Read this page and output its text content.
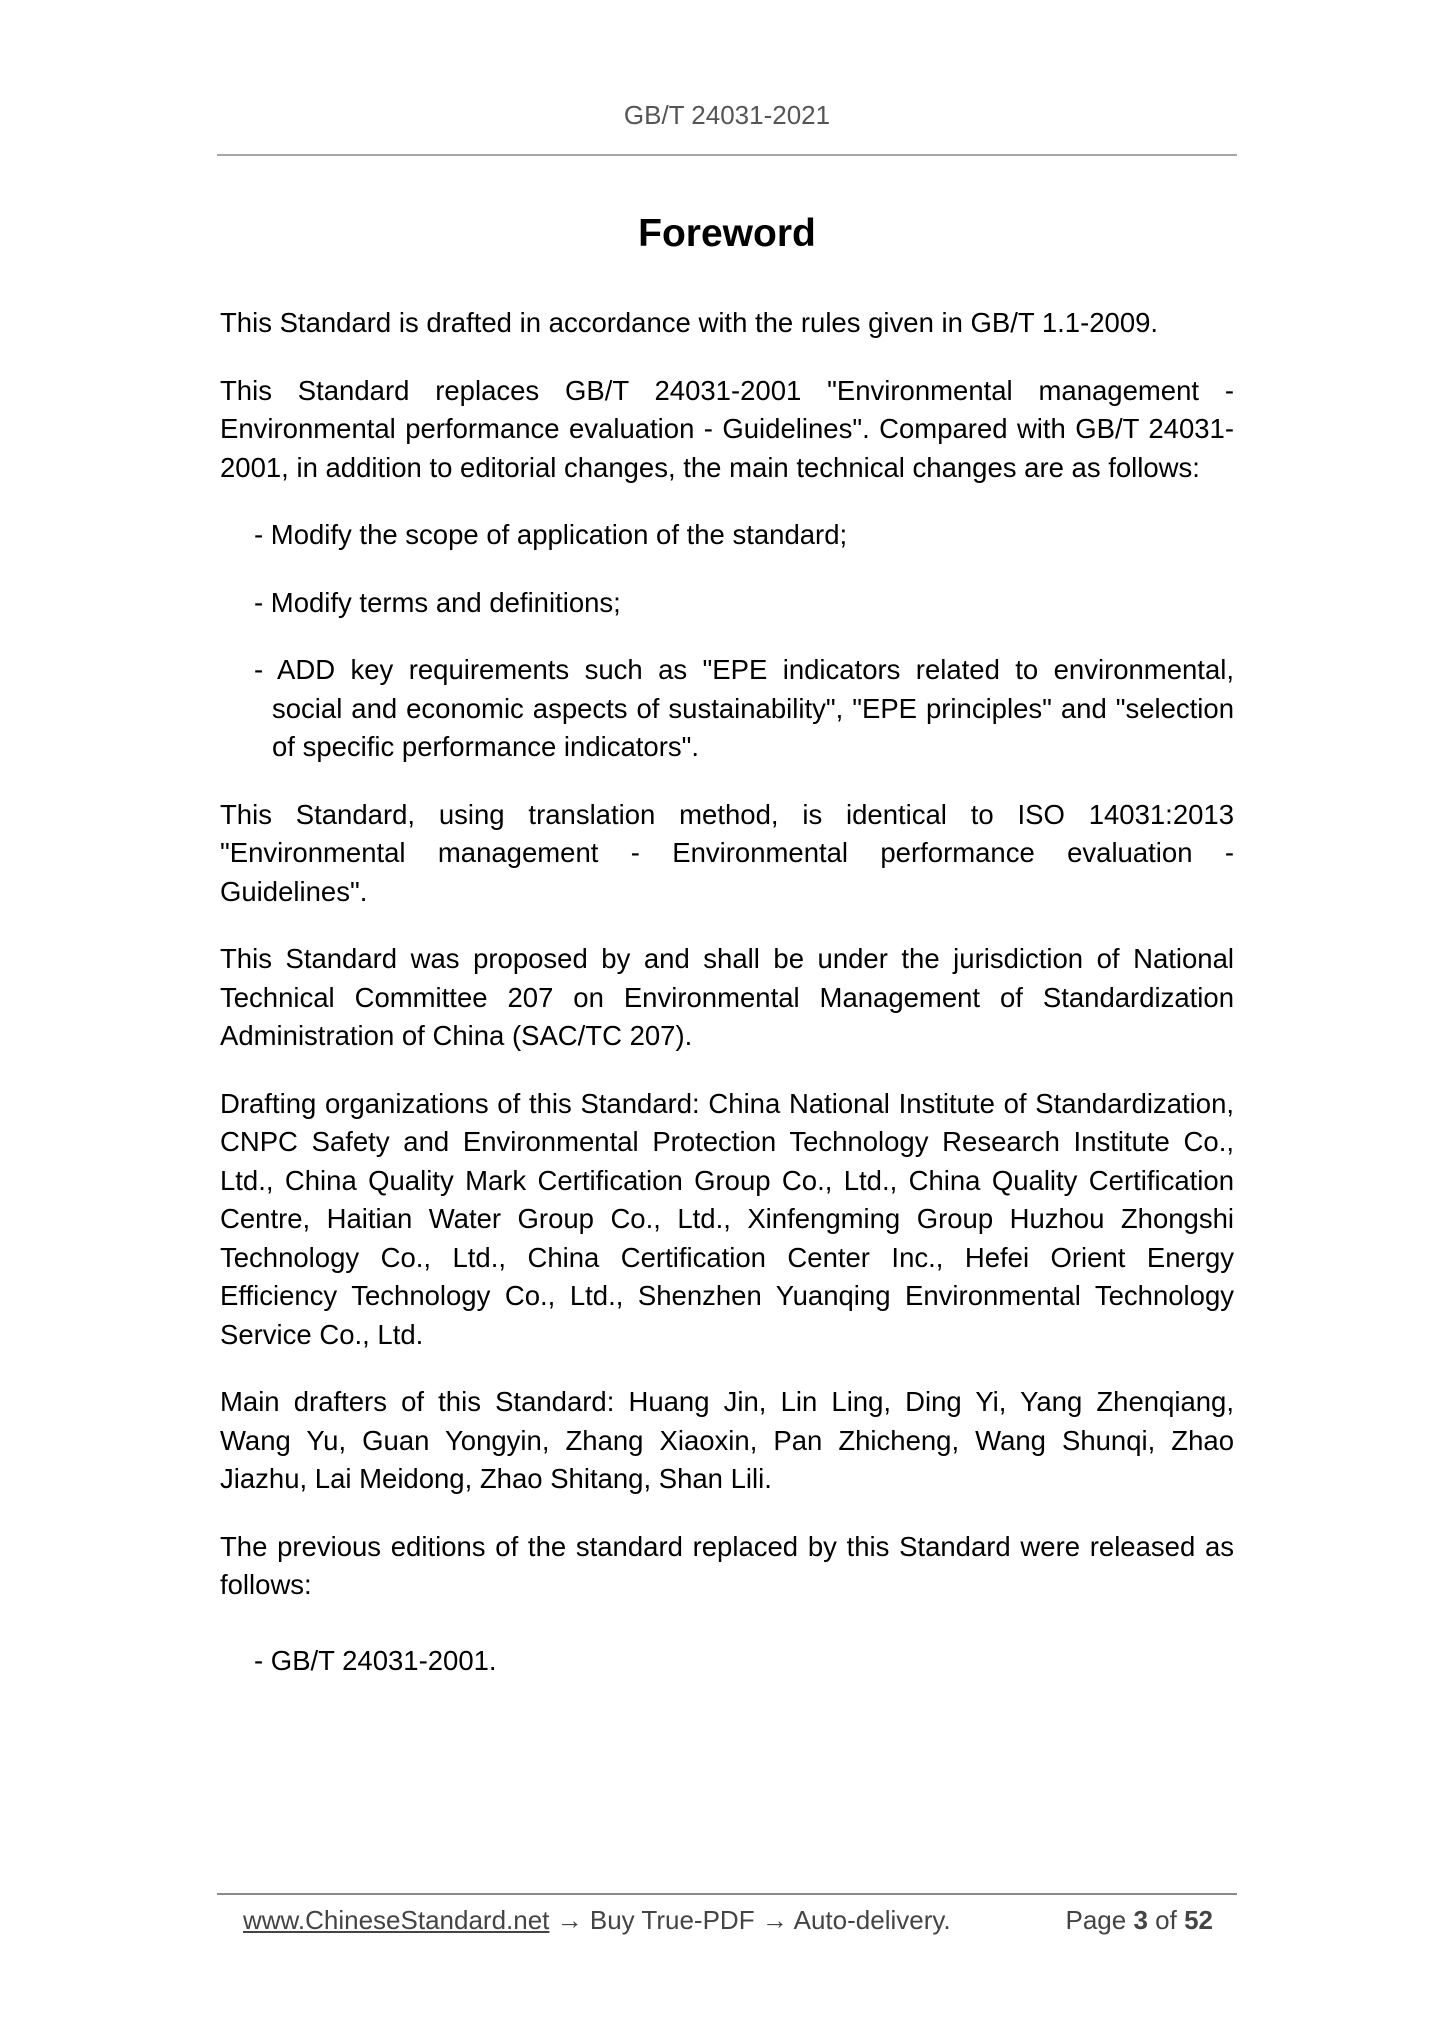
GB/T 24031-2021
Foreword

This Standard is drafted in accordance with the rules given in GB/T 1.1-2009.

This Standard replaces GB/T 24031-2001 "Environmental management - Environmental performance evaluation - Guidelines". Compared with GB/T 24031-2001, in addition to editorial changes, the main technical changes are as follows:

- Modify the scope of application of the standard;

- Modify terms and definitions;

- ADD key requirements such as "EPE indicators related to environmental, social and economic aspects of sustainability", "EPE principles" and "selection of specific performance indicators".

This Standard, using translation method, is identical to ISO 14031:2013 "Environmental management - Environmental performance evaluation - Guidelines".

This Standard was proposed by and shall be under the jurisdiction of National Technical Committee 207 on Environmental Management of Standardization Administration of China (SAC/TC 207).

Drafting organizations of this Standard: China National Institute of Standardization, CNPC Safety and Environmental Protection Technology Research Institute Co., Ltd., China Quality Mark Certification Group Co., Ltd., China Quality Certification Centre, Haitian Water Group Co., Ltd., Xinfengming Group Huzhou Zhongshi Technology Co., Ltd., China Certification Center Inc., Hefei Orient Energy Efficiency Technology Co., Ltd., Shenzhen Yuanqing Environmental Technology Service Co., Ltd.

Main drafters of this Standard: Huang Jin, Lin Ling, Ding Yi, Yang Zhenqiang, Wang Yu, Guan Yongyin, Zhang Xiaoxin, Pan Zhicheng, Wang Shunqi, Zhao Jiazhu, Lai Meidong, Zhao Shitang, Shan Lili.

The previous editions of the standard replaced by this Standard were released as follows:

- GB/T 24031-2001.

www.ChineseStandard.net → Buy True-PDF → Auto-delivery.	Page 3 of 52
